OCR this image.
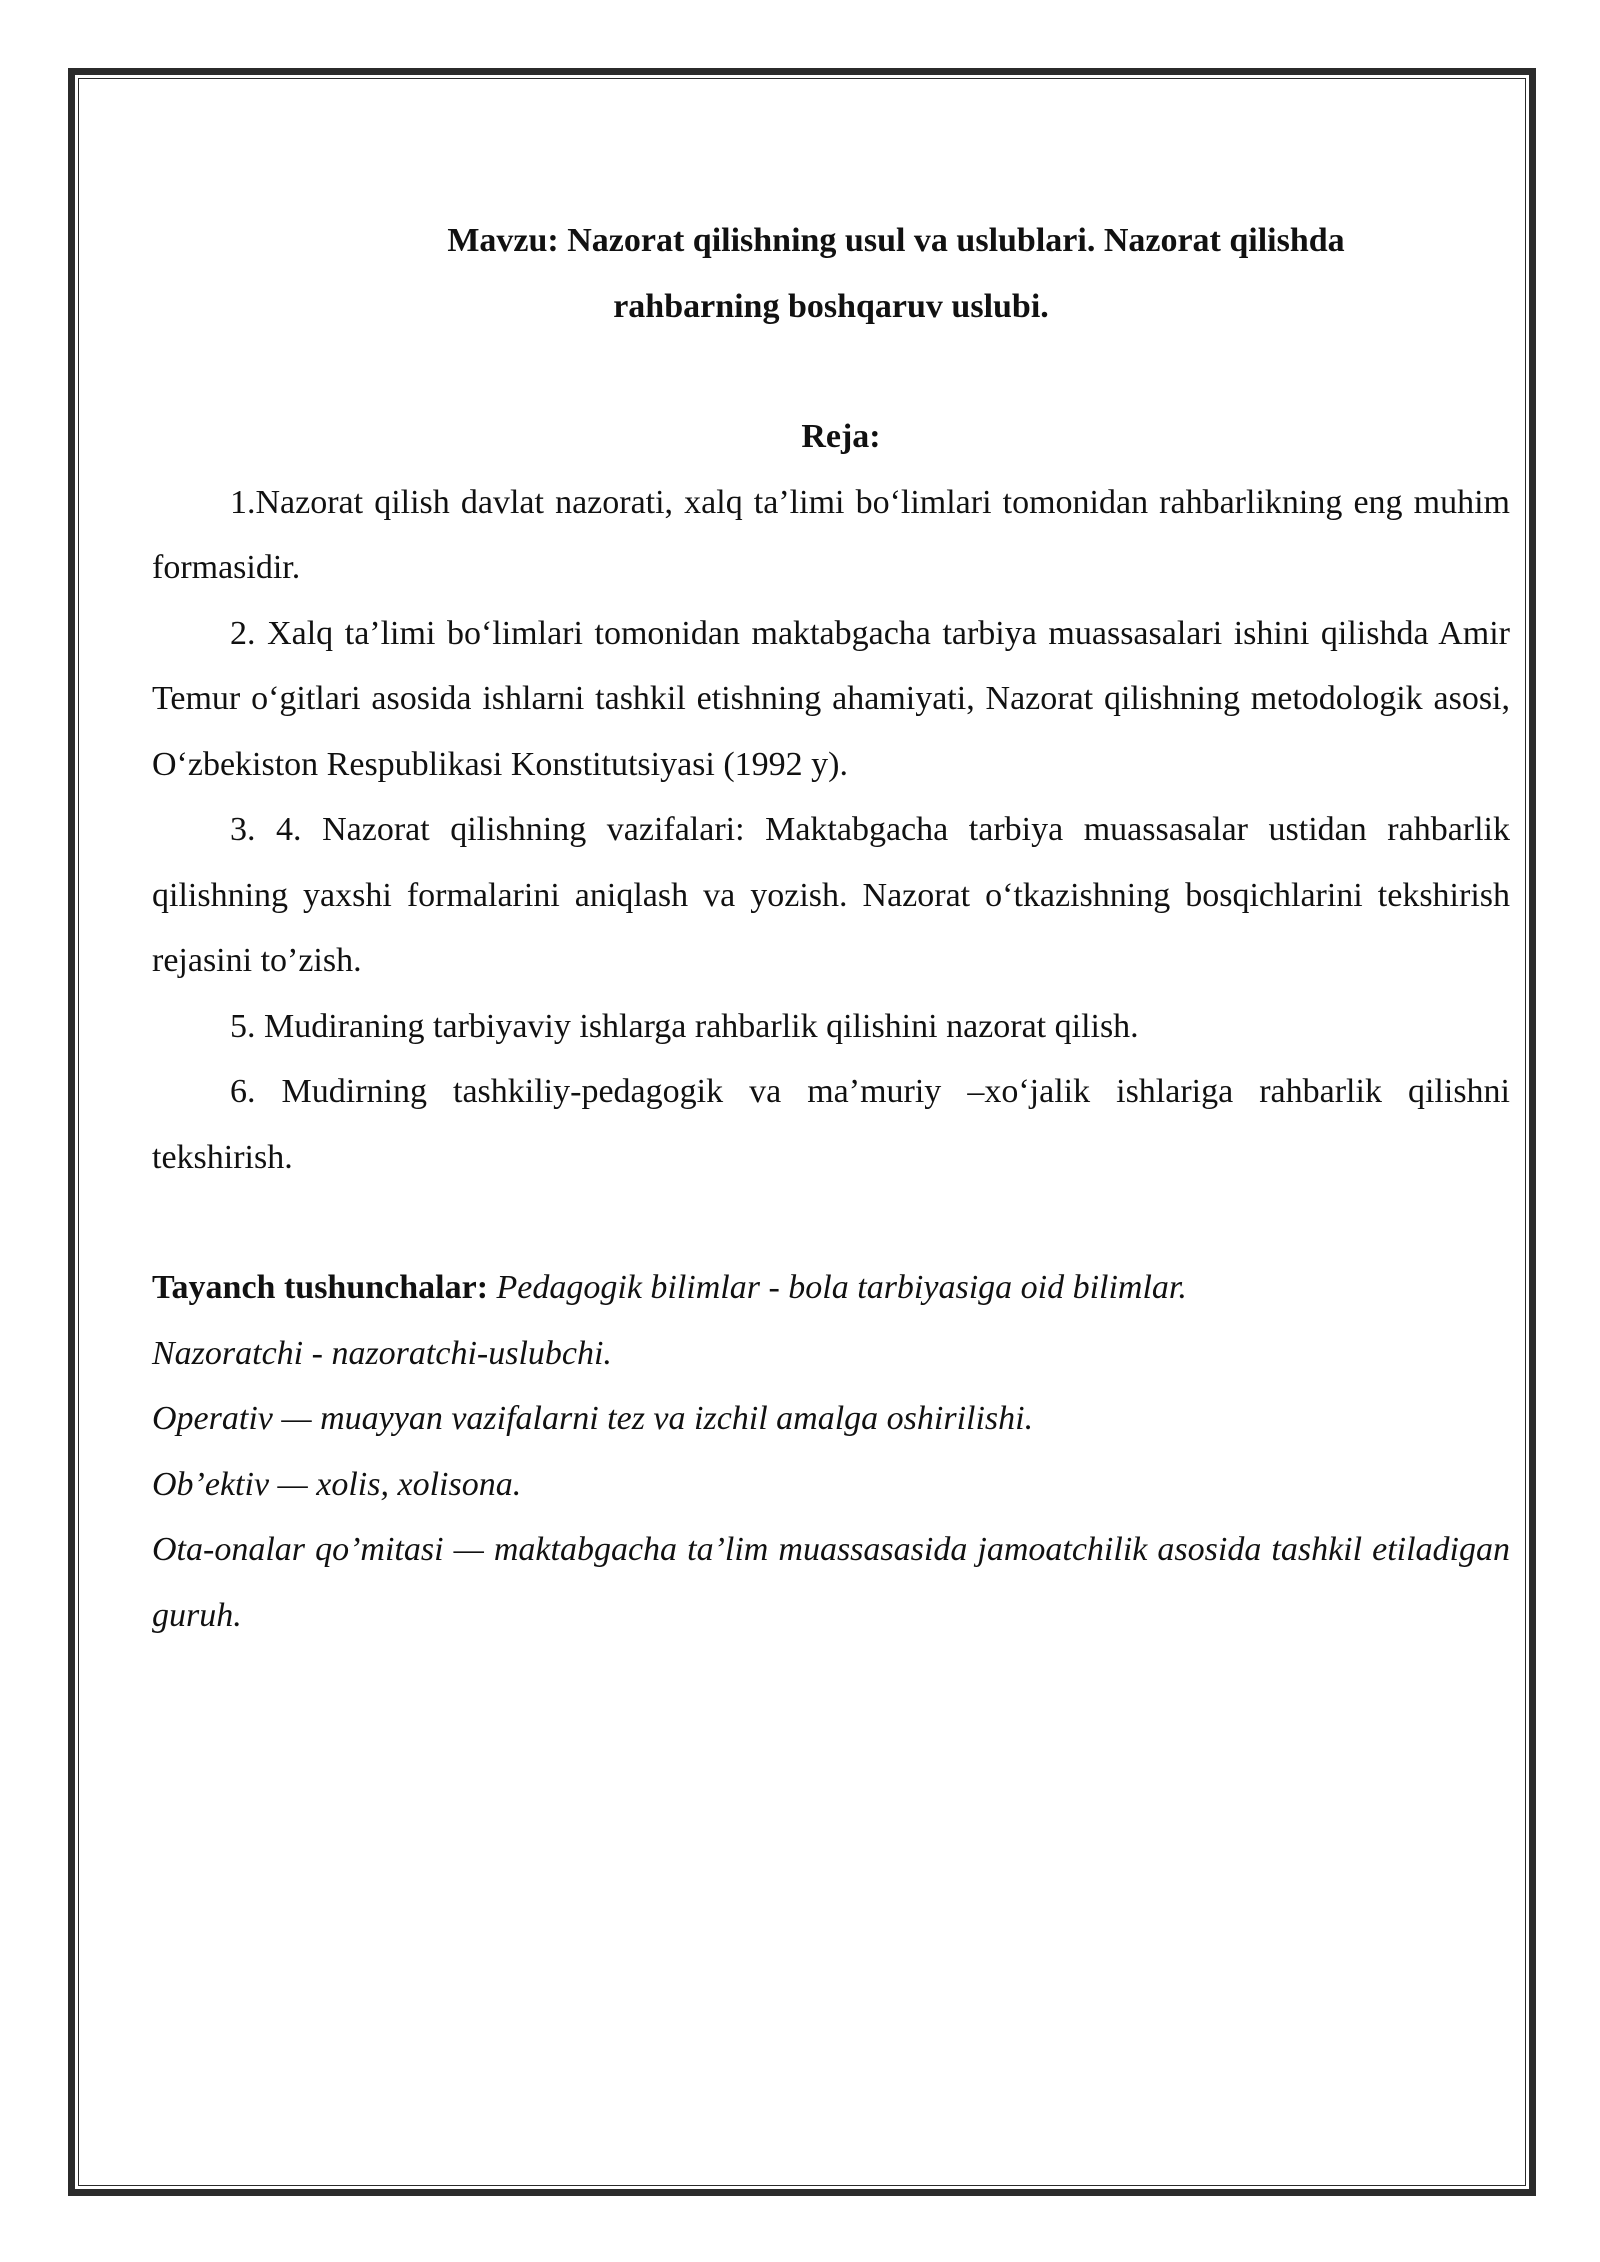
Mavzu: Nazorat qilishning usul va uslublari. Nazorat qilishda
rahbarning boshqaruv uslubi.

Reja:

1.Nazorat qilish davlat nazorati, xalq ta’limi bo‘limlari tomonidan rahbarlikning eng muhim formasidir.

2. Xalq ta’limi bo‘limlari tomonidan maktabgacha tarbiya muassasalari ishini qilishda Amir Temur o‘gitlari asosida ishlarni tashkil etishning ahamiyati, Nazorat qilishning metodologik asosi, O‘zbekiston Respublikasi Konstitutsiyasi (1992 y).

3. 4. Nazorat qilishning vazifalari: Maktabgacha tarbiya muassasalar ustidan rahbarlik qilishning yaxshi formalarini aniqlash va yozish. Nazorat o‘tkazishning bosqichlarini tekshirish rejasini to’zish.

5. Mudiraning tarbiyaviy ishlarga rahbarlik qilishini nazorat qilish.

6. Mudirning tashkiliy-pedagogik va ma’muriy –xo‘jalik ishlariga rahbarlik qilishni tekshirish.

Tayanch tushunchalar: Pedagogik bilimlar - bola tarbiyasiga oid bilimlar.

Nazoratchi - nazoratchi-uslubchi.

Operativ — muayyan vazifalarni tez va izchil amalga oshirilishi.

Ob’ektiv — xolis, xolisona.

Ota-onalar qo’mitasi — maktabgacha ta’lim muassasasida jamoatchilik asosida tashkil etiladigan guruh.
